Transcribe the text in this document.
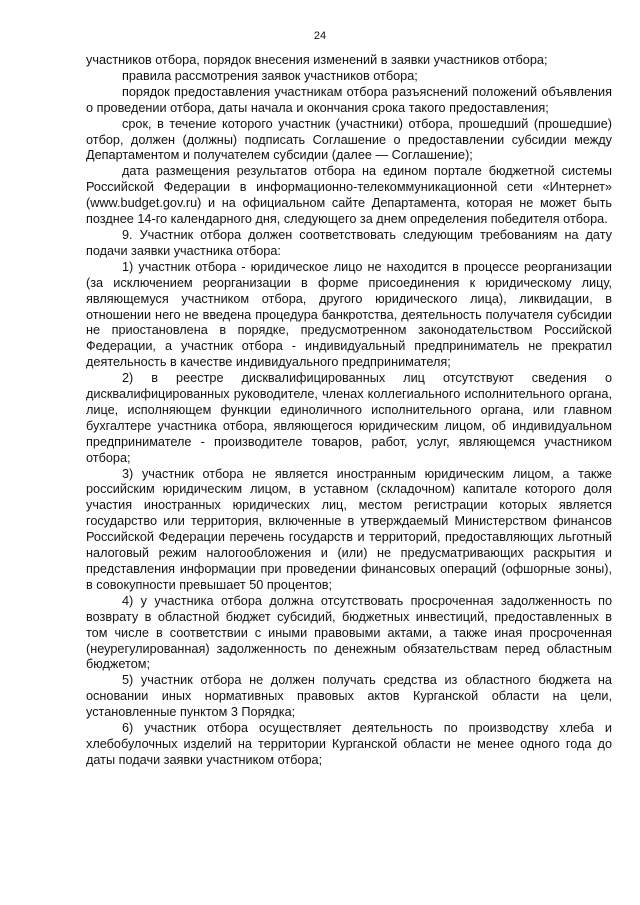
24

участников отбора, порядок внесения изменений в заявки участников отбора;

правила рассмотрения заявок участников отбора;

порядок предоставления участникам отбора разъяснений положений объявления о проведении отбора, даты начала и окончания срока такого предоставления;

срок, в течение которого участник (участники) отбора, прошедший (прошедшие) отбор, должен (должны) подписать Соглашение о предоставлении субсидии между Департаментом и получателем субсидии (далее — Соглашение);

дата размещения результатов отбора на едином портале бюджетной системы Российской Федерации в информационно-телекоммуникационной сети «Интернет» (www.budget.gov.ru) и на официальном сайте Департамента, которая не может быть позднее 14-го календарного дня, следующего за днем определения победителя отбора.

9. Участник отбора должен соответствовать следующим требованиям на дату подачи заявки участника отбора:

1) участник отбора - юридическое лицо не находится в процессе реорганизации (за исключением реорганизации в форме присоединения к юридическому лицу, являющемуся участником отбора, другого юридического лица), ликвидации, в отношении него не введена процедура банкротства, деятельность получателя субсидии не приостановлена в порядке, предусмотренном законодательством Российской Федерации, а участник отбора - индивидуальный предприниматель не прекратил деятельность в качестве индивидуального предпринимателя;

2) в реестре дисквалифицированных лиц отсутствуют сведения о дисквалифицированных руководителе, членах коллегиального исполнительного органа, лице, исполняющем функции единоличного исполнительного органа, или главном бухгалтере участника отбора, являющегося юридическим лицом, об индивидуальном предпринимателе - производителе товаров, работ, услуг, являющемся участником отбора;

3) участник отбора не является иностранным юридическим лицом, а также российским юридическим лицом, в уставном (складочном) капитале которого доля участия иностранных юридических лиц, местом регистрации которых является государство или территория, включенные в утверждаемый Министерством финансов Российской Федерации перечень государств и территорий, предоставляющих льготный налоговый режим налогообложения и (или) не предусматривающих раскрытия и представления информации при проведении финансовых операций (офшорные зоны), в совокупности превышает 50 процентов;

4) у участника отбора должна отсутствовать просроченная задолженность по возврату в областной бюджет субсидий, бюджетных инвестиций, предоставленных в том числе в соответствии с иными правовыми актами, а также иная просроченная (неурегулированная) задолженность по денежным обязательствам перед областным бюджетом;

5) участник отбора не должен получать средства из областного бюджета на основании иных нормативных правовых актов Курганской области на цели, установленные пунктом 3 Порядка;

6) участник отбора осуществляет деятельность по производству хлеба и хлебобулочных изделий на территории Курганской области не менее одного года до даты подачи заявки участником отбора;
